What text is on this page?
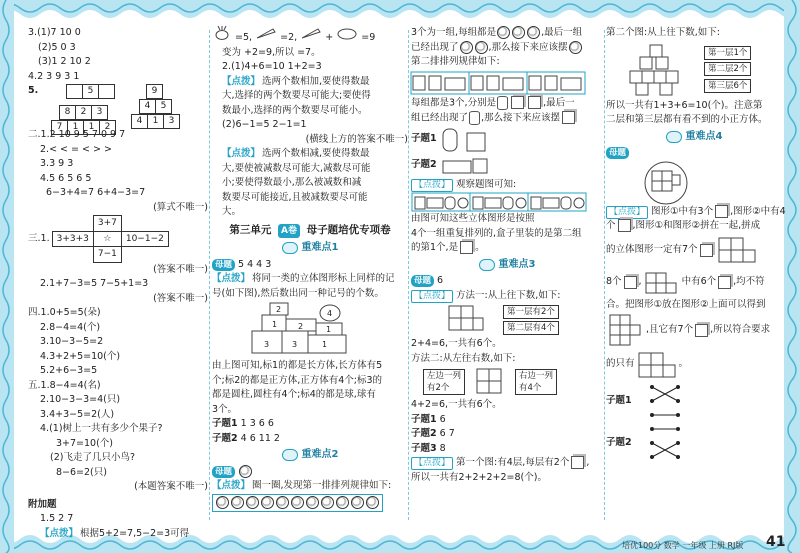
3.(1)7 10 0
(2)5 0 3
(3)1 2 10 2
4.2 3 9 3 1
5.	5

8	2	3

7	1	1	2
9

4	5

4	1	3
二.1.2 10 9 5 7 0 9 7
2.< < = < > >
3.3 9 3
4.5 6 5 6 5
6−3+4=7 6+4−3=7
(算式不唯一)
三.1.
	3+7	
3+3+3	☆	10−1−2
	7−1	
(答案不唯一)
2.1+7−3=5 7−5+1=3
(答案不唯一)
四.1.0+5=5(朵)
2.8−4=4(个)
3.10−3−5=2
4.3+2+5=10(个)
5.2+6−3=5
五.1.8−4=4(名)
2.10−3−3=4(只)
3.4+3−5=2(人)
4.(1)树上一共有多少个果子?
3+7=10(个)
(2)飞走了几只小鸟?
8−6=2(只)
(本题答案不唯一)
附加题
1.5 2 7
【点拨】 根据5+2=7,5−2=3可得
=5,	=2,	+	=9
变为 +2=9,所以 =7。
2.(1)4+6=10 1+2=3
【点拨】 选两个数相加,要使得数最
大,选择的两个数要尽可能大;要使得
数最小,选择的两个数要尽可能小。
(2)6−1=5 2−1=1
(横线上方的答案不唯一)
【点拨】 选两个数相减,要使得数最
大,要使被减数尽可能大,减数尽可能
小;要使得数最小,那么被减数和减
数要尽可能接近,且被减数要尽可能
大。
第三单元 A卷 母子题培优专项卷
重难点1
母题 5 4 4 3
【点拨】 将同一类的立体图形标上同样的记
号(如下图),然后数出同一种记号的个数。
3	3	1
1	2	1
2	4
由上图可知,标1的都是长方体,长方体有5
个;标2的都是正方体,正方体有4个;标3的
都是圆柱,圆柱有4个;标4的都是球,球有
3个。
子题1 1 3 6 6
子题2 4 6 11 2
重难点2
母题
【点拨】 圈一圈,发现第一排排列规律如下:
3个为一组,每组都是	,最后一组
已经出现了	,那么接下来应该摆
第二排排列规律如下:
每组都是3个,分别是	,最后一
组已经出现了 ,那么接下来应该摆
子题1
子题2
【点拨】 观察题图可知:
由图可知这些立体图形是按照
4个一组重复排列的,盒子里装的是第二组
的第1个,是 。
重难点3
母题 6
【点拨】 方法一:从上往下数,如下:
第一层有2个
第二层有4个
2+4=6,一共有6个。
方法二:从左往右数,如下:
左边一列
有2个
右边一列
有4个
4+2=6,一共有6个。
子题1 6
子题2 6 7
子题3 8
【点拨】 第一个图:有4层,每层有2个 ,
所以一共有2+2+2+2=8(个)。
第二个图:从上往下数,如下:
第一层1个
第二层2个
第三层6个
所以一共有1+3+6=10(个)。注意第
二层和第三层都有看不到的小正方体。
重难点4
母题
【点拨】 图形①中有3个 ,图形②中有4
个 ,图形①和图形②拼在一起,拼成
的立体图形一定有7个
8个 ,	中有6个 ,均不符
合。把图形①放在图形②上面可以得到
,且它有7个 ,所以符合要求
的只有	。
子题1
子题2
培优100分 数学 一年级 上册 RJ版 41
